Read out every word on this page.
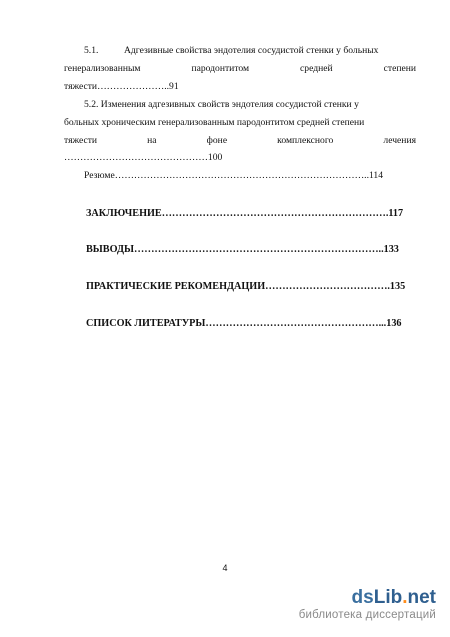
5.1.	Адгезивные свойства эндотелия сосудистой стенки у больных
генерализованным	пародонтитом	средней	степени
тяжести…………………..91
5.2. Изменения адгезивных свойств эндотелия сосудистой стенки у
больных хроническим генерализованным пародонтитом средней степени
тяжести	на	фоне	комплексного	лечения
………………………………………100
Резюме……………………………………………………………………..114
ЗАКЛЮЧЕНИЕ………………………………………………………….117
ВЫВОДЫ………………………………………………………………..133
ПРАКТИЧЕСКИЕ РЕКОМЕНДАЦИИ……………………………….135
СПИСОК ЛИТЕРАТУРЫ……………………………………………...136
4
dsLib.net
библиотека диссертаций
